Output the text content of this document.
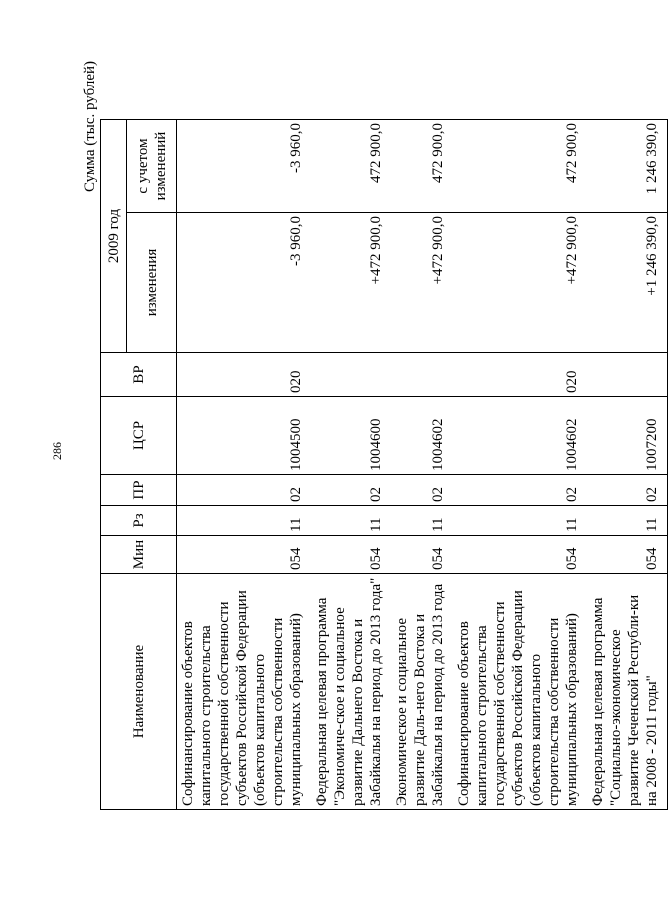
286
Сумма (тыс. рублей)
Наименование	Мин	Рз	ПР	ЦСР	ВР	2009 год	
						изменения	с учетом изменений
Софинансирование объектов капитального строительства государственной собственности субъектов Российской Федерации (объектов капитального строительства собственности муниципальных образований)	054	11	02	1004500	020	-3 960,0	-3 960,0
Федеральная целевая программа "Экономиче-ское и социальное развитие Дальнего Востока и Забайкалья на период до 2013 года"	054	11	02	1004600		+472 900,0	472 900,0
Экономическое и социальное развитие Даль-него Востока и Забайкалья на период до 2013 года	054	11	02	1004602		+472 900,0	472 900,0
Софинансирование объектов капитального строительства государственной собственности субъектов Российской Федерации (объектов капитального строительства собственности муниципальных образований)	054	11	02	1004602	020	+472 900,0	472 900,0
Федеральная целевая программа "Социально-экономическое развитие Чеченской Республи-ки на 2008 - 2011 годы"	054	11	02	1007200		+1 246 390,0	1 246 390,0
